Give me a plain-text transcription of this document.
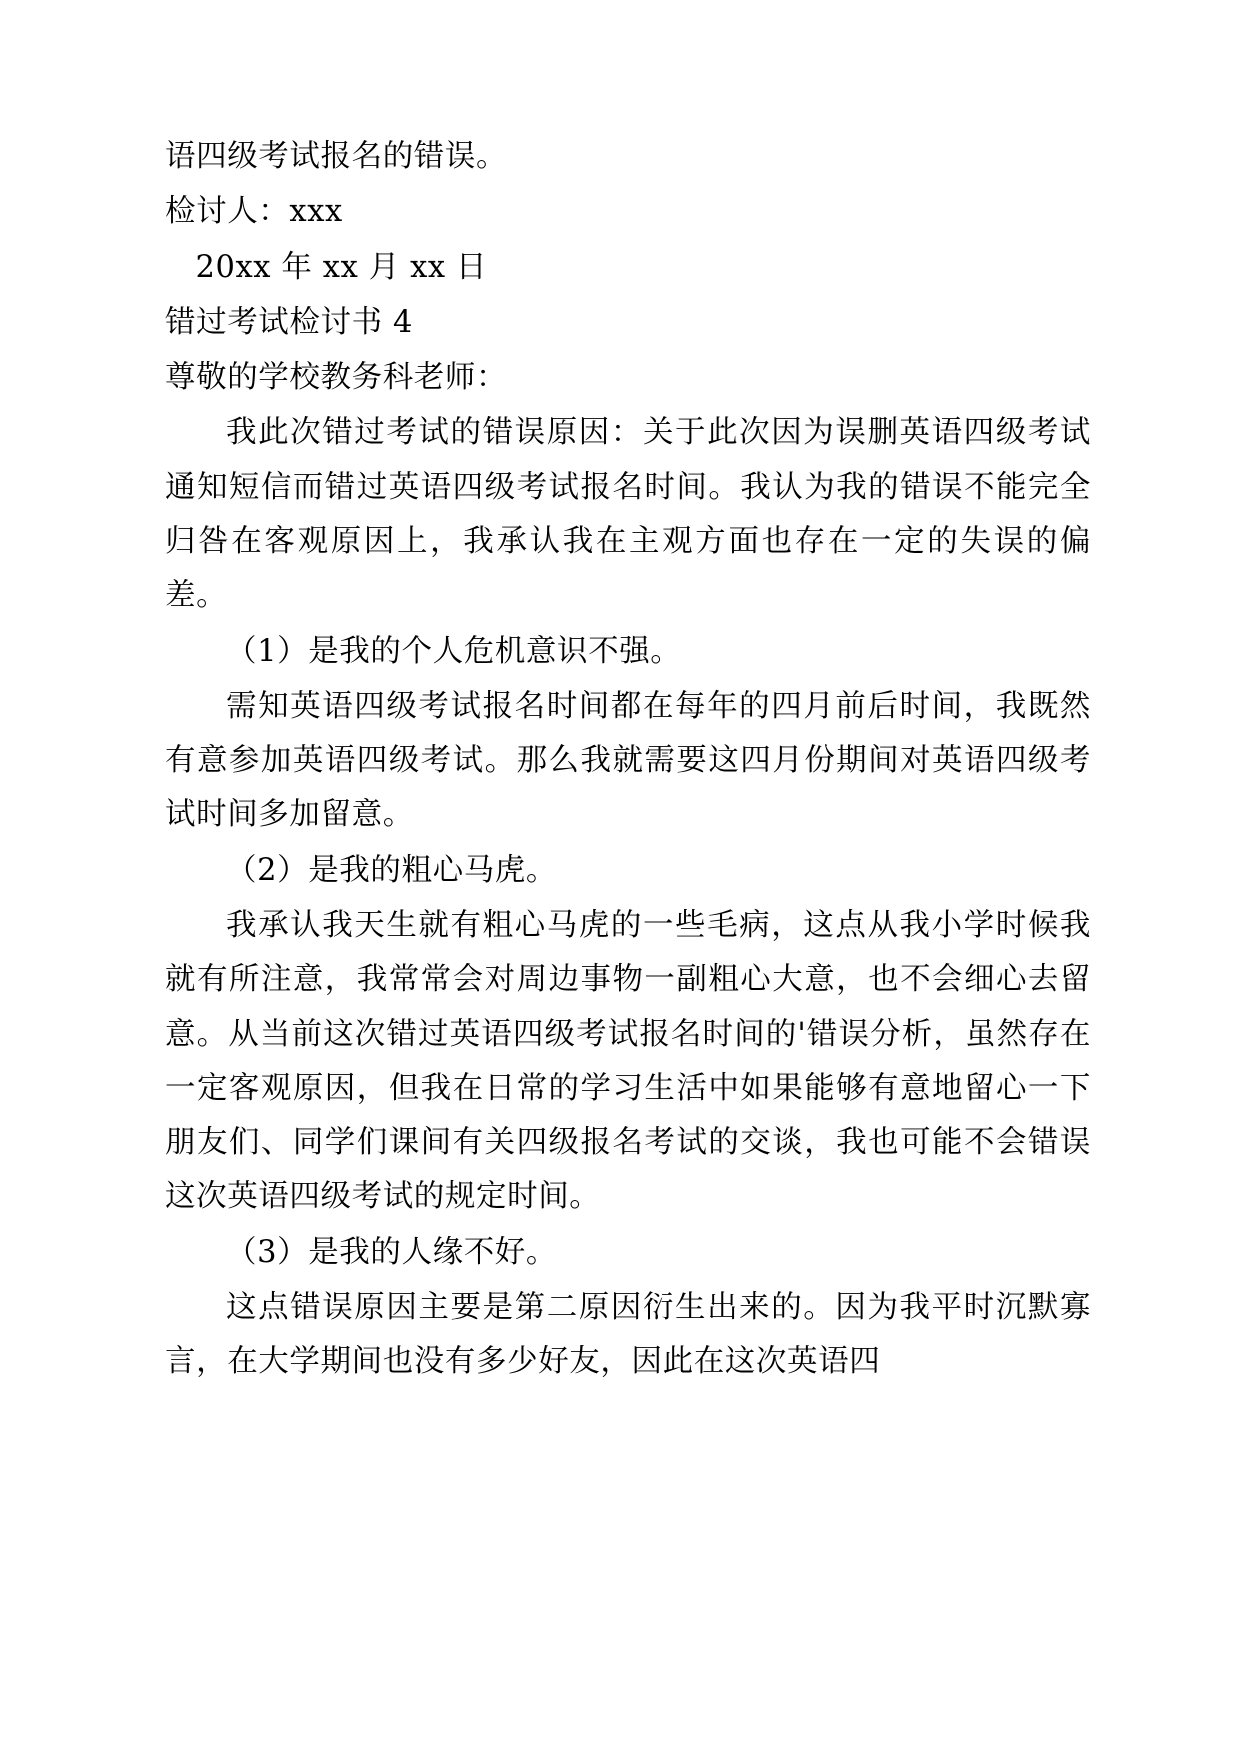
语四级考试报名的错误。

检讨人：xxx

20xx 年 xx 月 xx 日

错过考试检讨书 4

尊敬的学校教务科老师：

我此次错过考试的错误原因：关于此次因为误删英语四级考试通知短信而错过英语四级考试报名时间。我认为我的错误不能完全归咎在客观原因上，我承认我在主观方面也存在一定的失误的偏差。

（1）是我的个人危机意识不强。

需知英语四级考试报名时间都在每年的四月前后时间，我既然有意参加英语四级考试。那么我就需要这四月份期间对英语四级考试时间多加留意。

（2）是我的粗心马虎。

我承认我天生就有粗心马虎的一些毛病，这点从我小学时候我就有所注意，我常常会对周边事物一副粗心大意，也不会细心去留意。从当前这次错过英语四级考试报名时间的'错误分析，虽然存在一定客观原因，但我在日常的学习生活中如果能够有意地留心一下朋友们、同学们课间有关四级报名考试的交谈，我也可能不会错误这次英语四级考试的规定时间。

（3）是我的人缘不好。

这点错误原因主要是第二原因衍生出来的。因为我平时沉默寡言，在大学期间也没有多少好友，因此在这次英语四
